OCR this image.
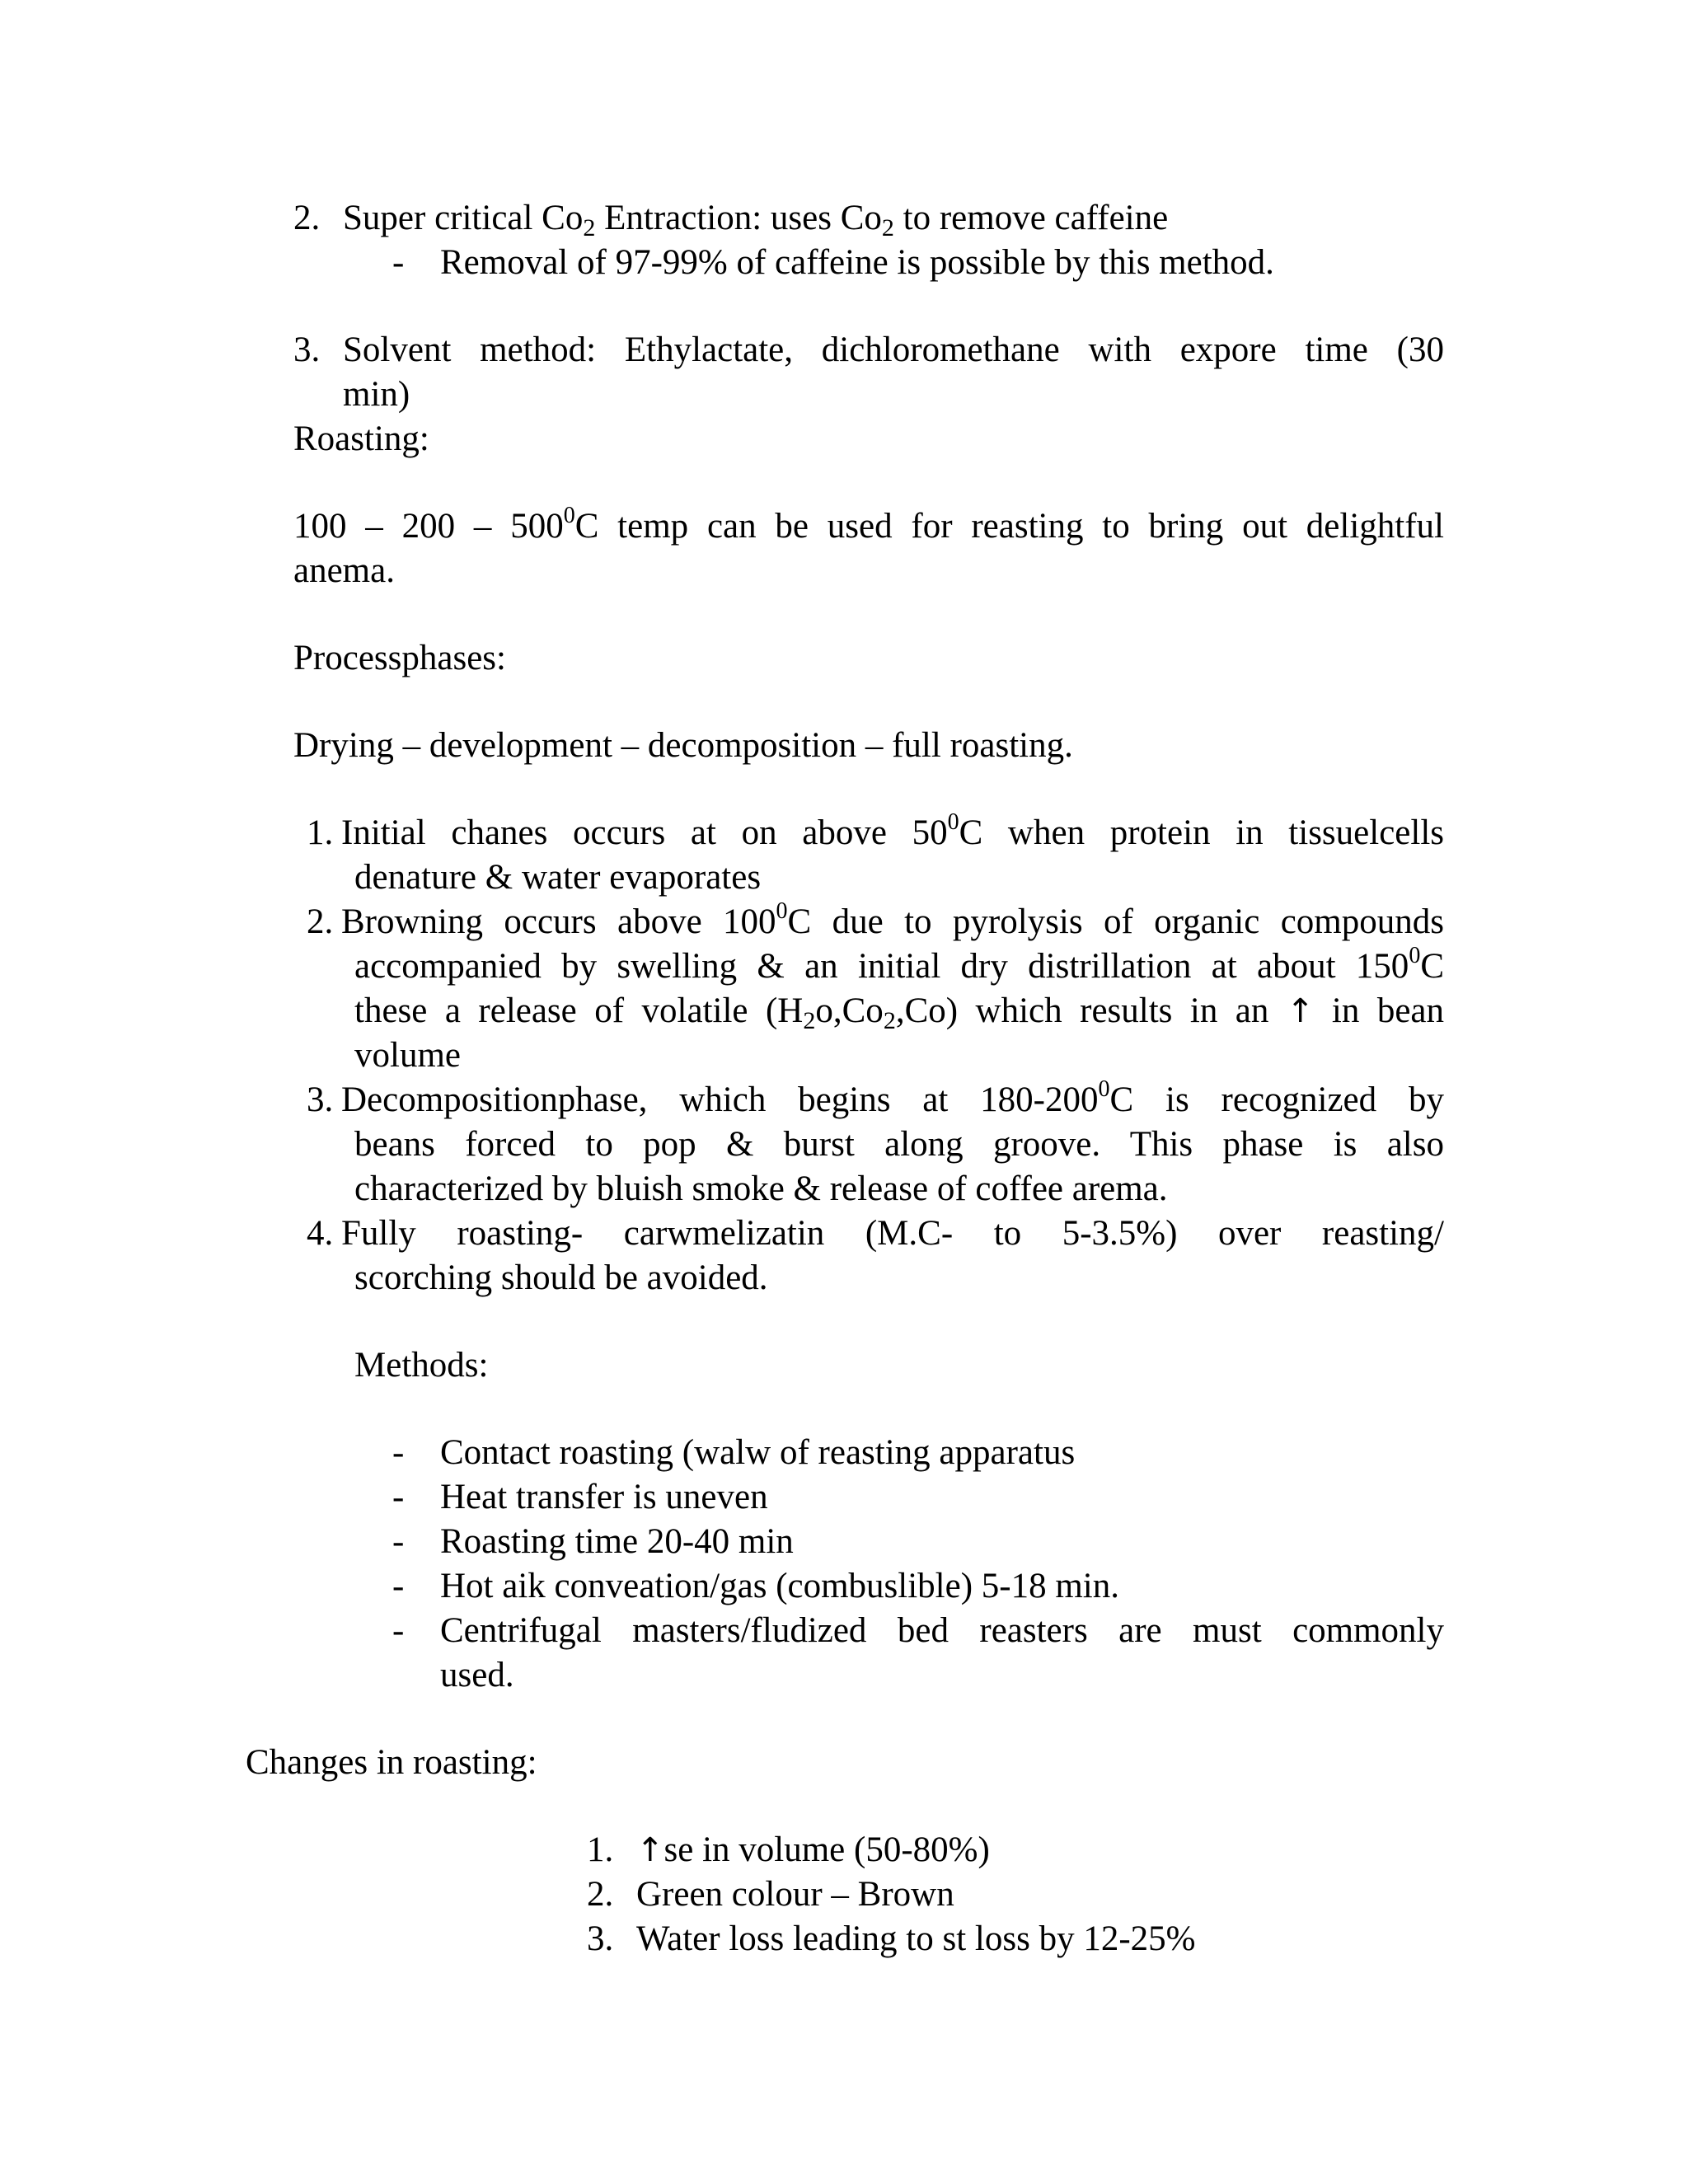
2. Super critical $Co_2$ Entraction: uses $Co_2$ to remove caffeine
- Removal of 97-99% of caffeine is possible by this method.
3. Solvent method: Ethylactate, dichloromethane with expore time (30
min)
Roasting:
$100 - 200 - 500^0C$ temp can be used for reasting to bring out delightful
anema.
Processphases:
Drying – development – decomposition – full roasting.
1. Initial chanes occurs at on above $50^0C$ when protein in tissuelcells
denature & water evaporates
2. Browning occurs above $100^0C$ due to pyrolysis of organic compounds
accompanied by swelling & an initial dry distrillation at about $150^0C$
these a release of volatile $(H_2o,Co_2,Co)$ which results in an ↑ in bean
volume
3. Decompositionphase, which begins at $180-200^0C$ is recognized by
beans forced to pop & burst along groove. This phase is also
characterized by bluish smoke & release of coffee arema.
4. Fully roasting- carwmelizatin (M.C- to 5-3.5%) over reasting/
scorching should be avoided.
Methods:
- Contact roasting (walw of reasting apparatus
- Heat transfer is uneven
- Roasting time 20-40 min
- Hot aik conveation/gas (combuslible) 5-18 min.
- Centrifugal masters/fludized bed reasters are must commonly
used.
Changes in roasting:
1. ↑se in volume (50-80%)
2. Green colour – Brown
3. Water loss leading to st loss by 12-25%
